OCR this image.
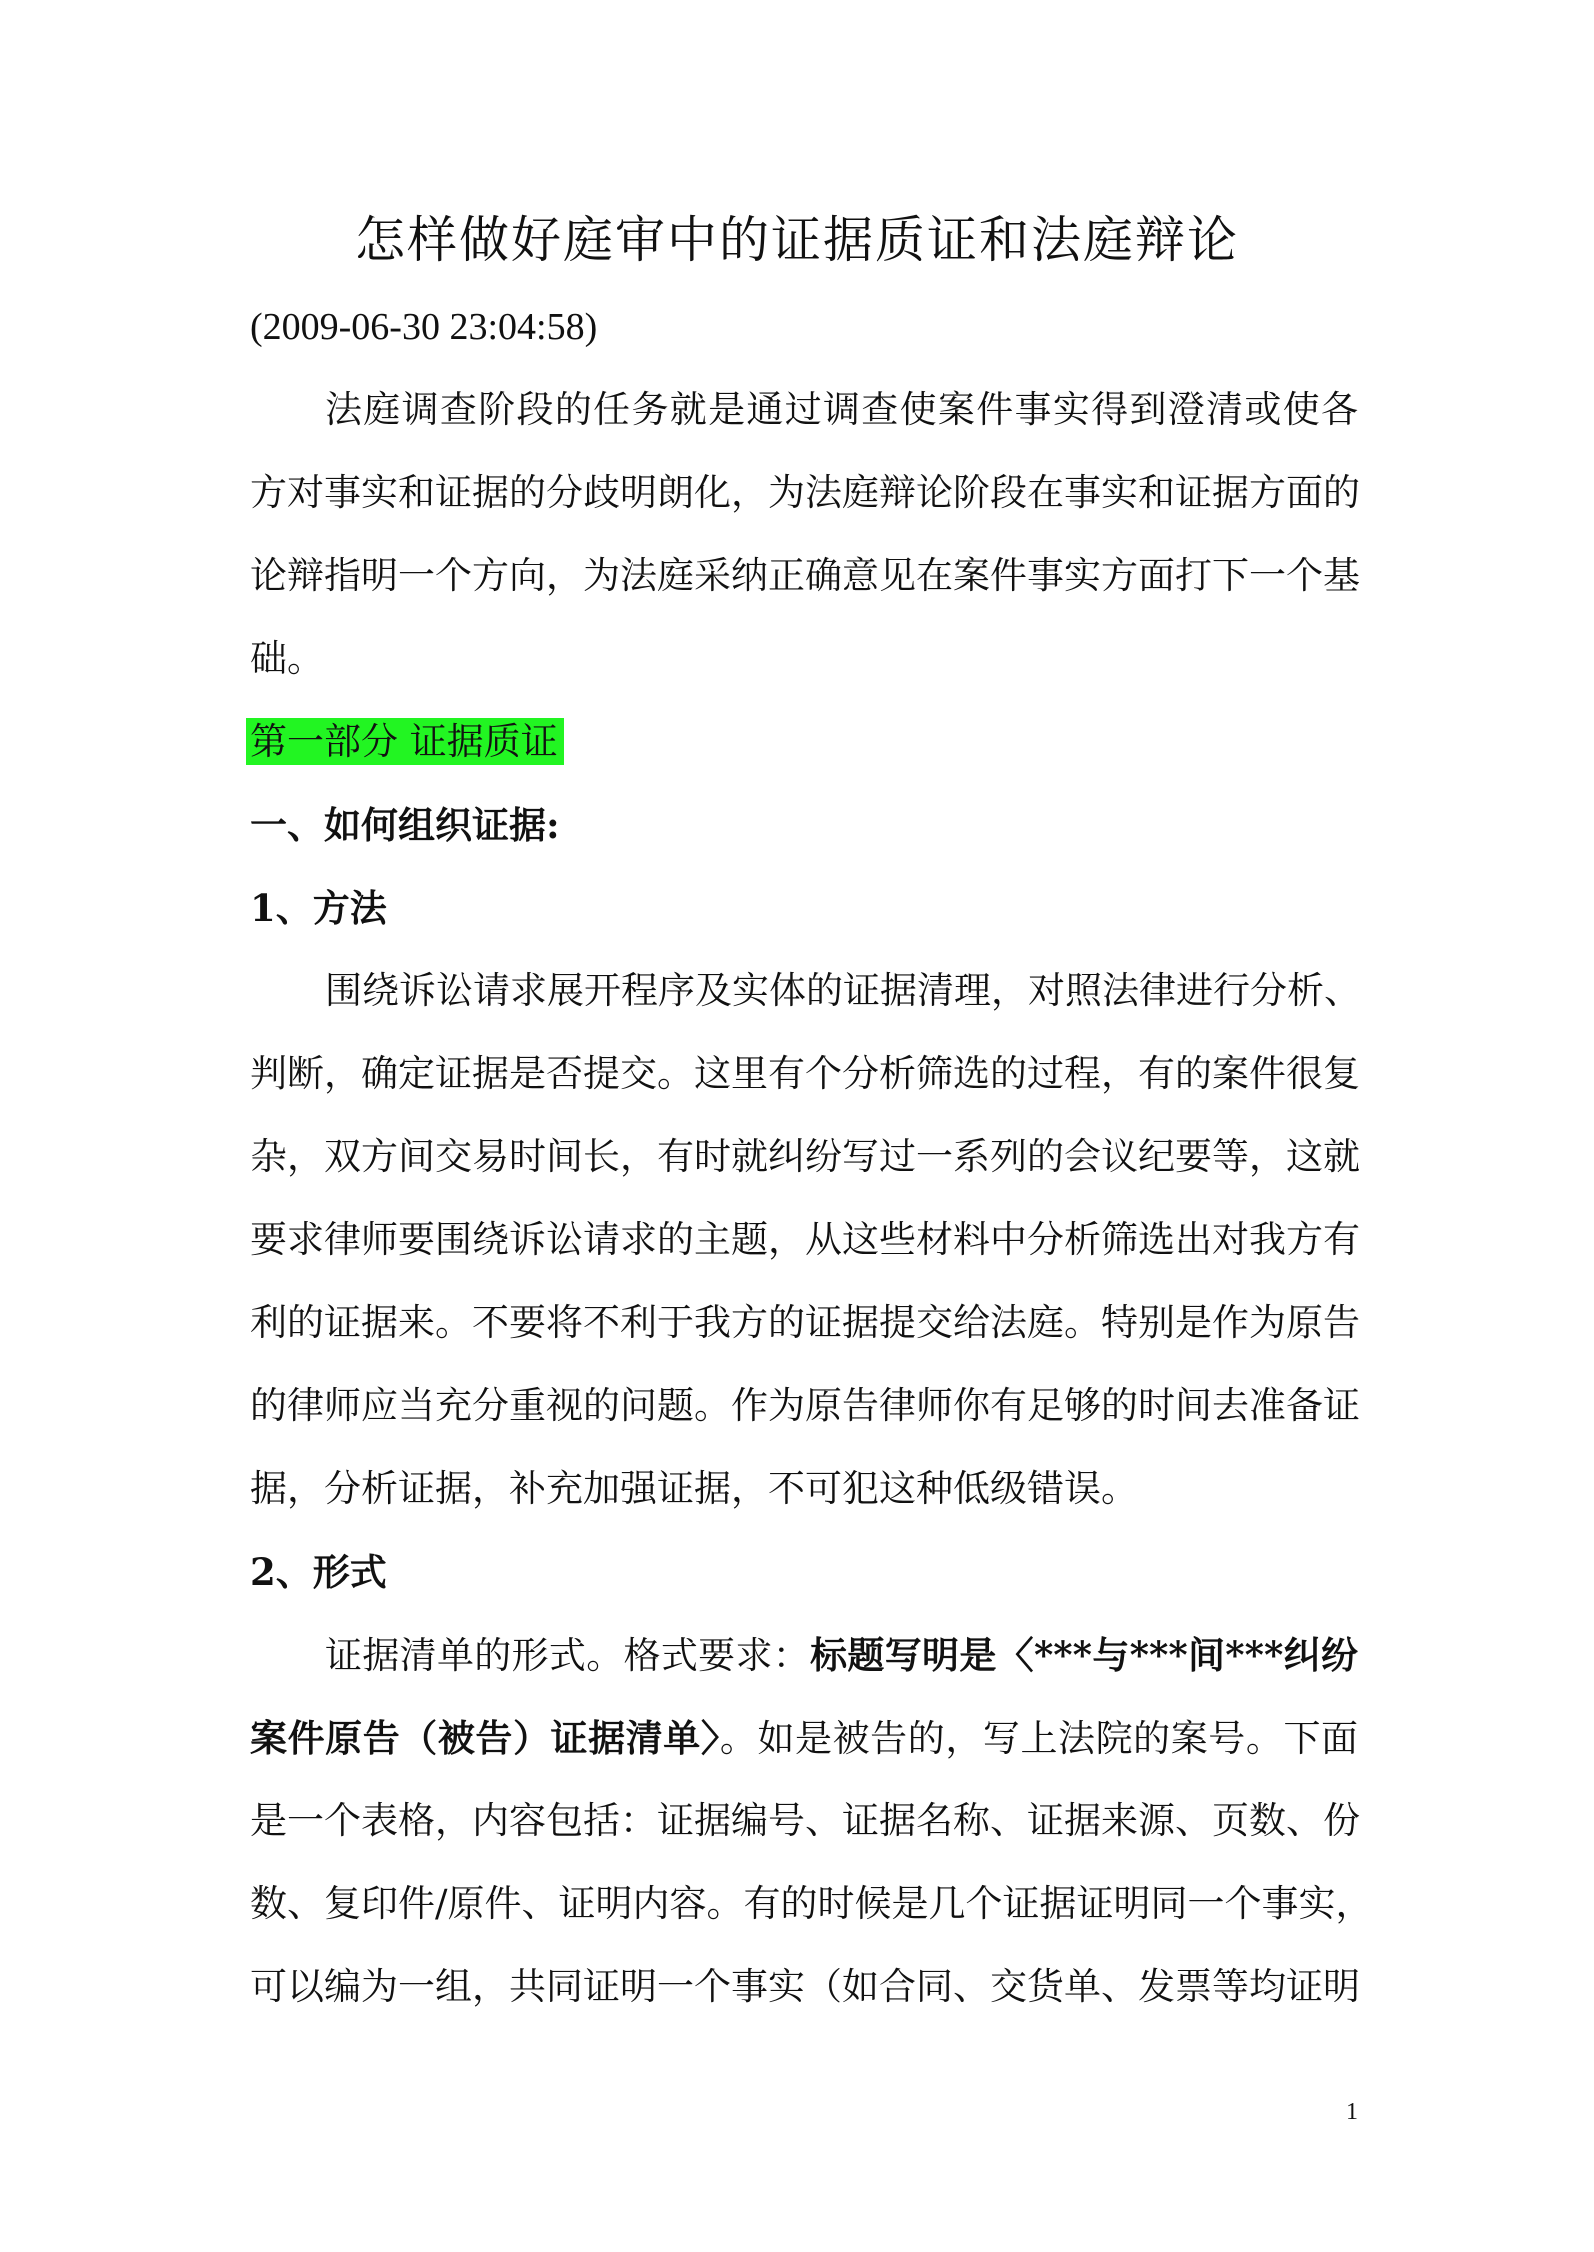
怎样做好庭审中的证据质证和法庭辩论
(2009-06-30 23:04:58)
法庭调查阶段的任务就是通过调查使案件事实得到澄清或使各
方对事实和证据的分歧明朗化，为法庭辩论阶段在事实和证据方面的
论辩指明一个方向，为法庭采纳正确意见在案件事实方面打下一个基
础。
第一部分 证据质证
一、如何组织证据:
1、方法
围绕诉讼请求展开程序及实体的证据清理，对照法律进行分析、
判断，确定证据是否提交。这里有个分析筛选的过程，有的案件很复
杂，双方间交易时间长，有时就纠纷写过一系列的会议纪要等，这就
要求律师要围绕诉讼请求的主题，从这些材料中分析筛选出对我方有
利的证据来。不要将不利于我方的证据提交给法庭。特别是作为原告
的律师应当充分重视的问题。作为原告律师你有足够的时间去准备证
据，分析证据，补充加强证据，不可犯这种低级错误。
2、形式
证据清单的形式。格式要求：标题写明是〈***与***间***纠纷
案件原告（被告）证据清单〉。如是被告的，写上法院的案号。下面
是一个表格，内容包括：证据编号、证据名称、证据来源、页数、份
数、复印件/原件、证明内容。有的时候是几个证据证明同一个事实，
可以编为一组，共同证明一个事实（如合同、交货单、发票等均证明
1
